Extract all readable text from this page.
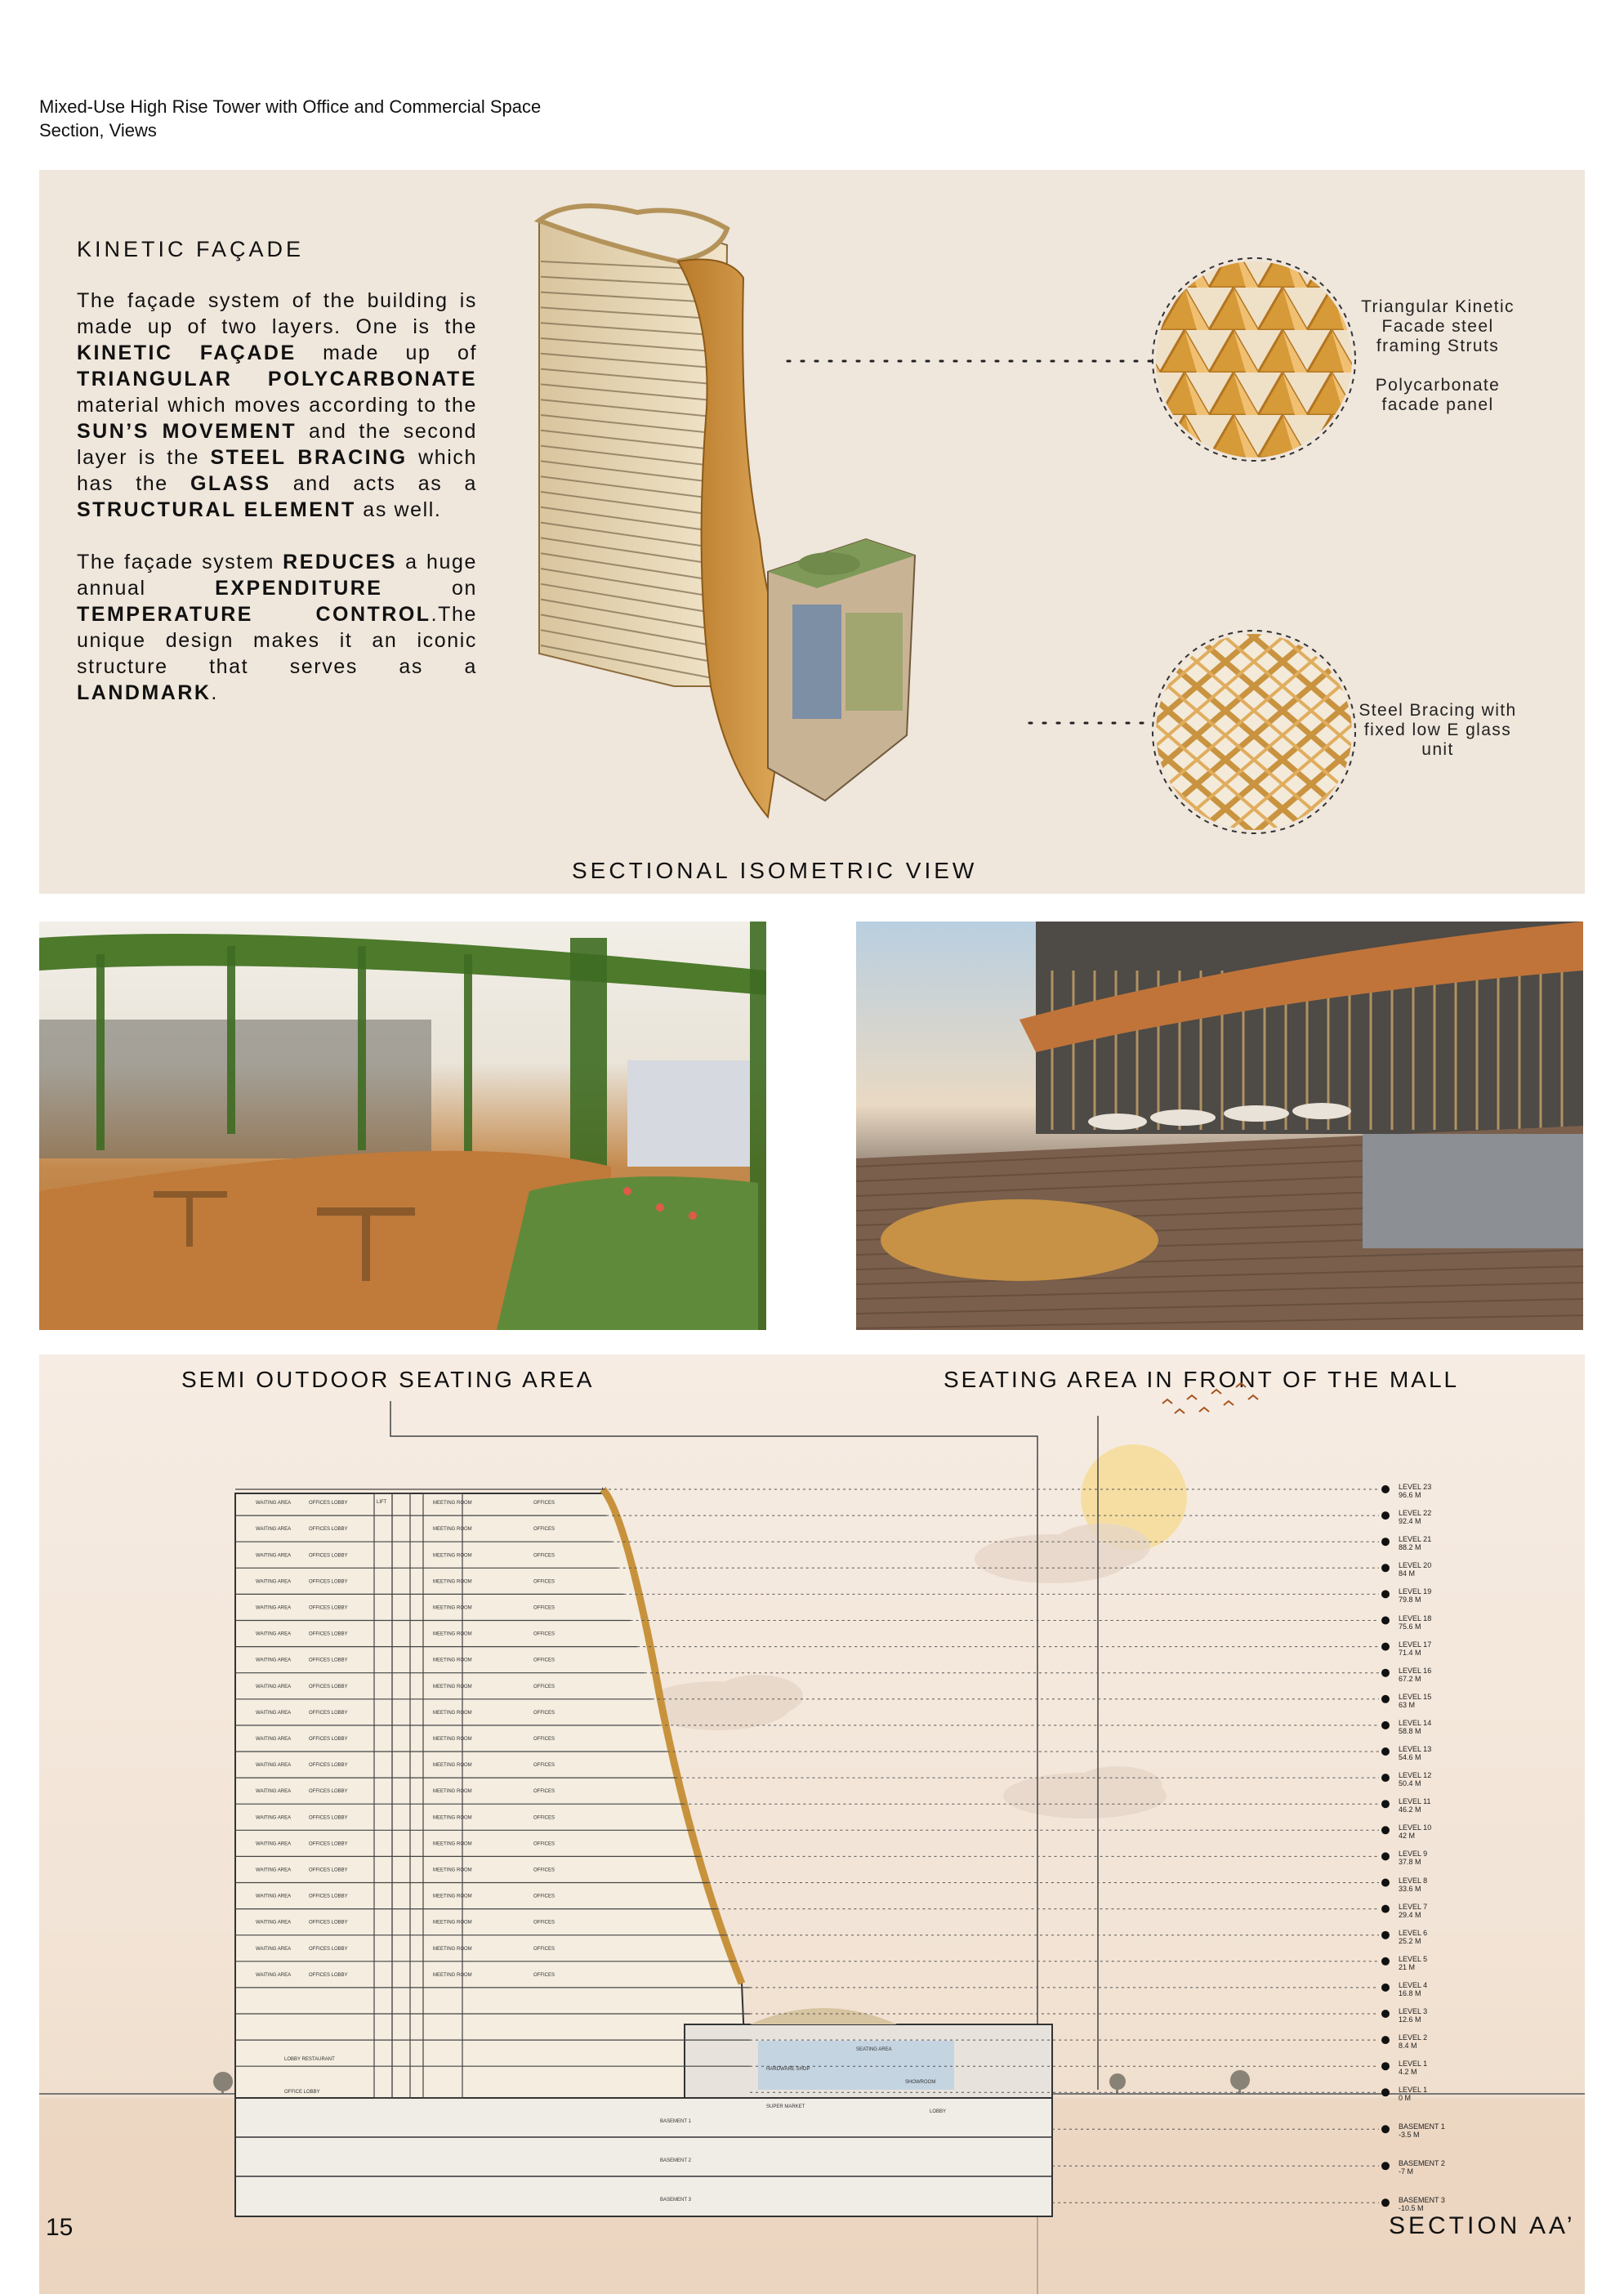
Mixed-Use High Rise Tower with Office and Commercial Space
Section, Views
KINETIC FAÇADE

The façade system of the building is made up of two layers. One is the KINETIC FAÇADE made up of TRIANGULAR POLYCARBONATE material which moves according to the SUN’S MOVEMENT and the second layer is the STEEL BRACING which has the GLASS and acts as a STRUCTURAL ELEMENT as well.

The façade system REDUCES a huge annual EXPENDITURE on TEMPERATURE CONTROL.The unique design makes it an iconic structure that serves as a LANDMARK.

Triangular Kinetic
Facade steel
framing Struts
Polycarbonate
facade panel
Steel Bracing with
fixed low E glass
unit
SECTIONAL ISOMETRIC VIEW
SEMI OUTDOOR SEATING AREA	SEATING AREA IN FRONT OF THE MALL
WAITING AREA	OFFICES LOBBY	MEETING ROOM	OFFICES
WAITING AREA	OFFICES LOBBY	MEETING ROOM	OFFICES
WAITING AREA	OFFICES LOBBY	MEETING ROOM	OFFICES
WAITING AREA	OFFICES LOBBY	MEETING ROOM	OFFICES
WAITING AREA	OFFICES LOBBY	MEETING ROOM	OFFICES
WAITING AREA	OFFICES LOBBY	MEETING ROOM	OFFICES
WAITING AREA	OFFICES LOBBY	MEETING ROOM	OFFICES
WAITING AREA	OFFICES LOBBY	MEETING ROOM	OFFICES
WAITING AREA	OFFICES LOBBY	MEETING ROOM	OFFICES
WAITING AREA	OFFICES LOBBY	MEETING ROOM	OFFICES
WAITING AREA	OFFICES LOBBY	MEETING ROOM	OFFICES
WAITING AREA	OFFICES LOBBY	MEETING ROOM	OFFICES
WAITING AREA	OFFICES LOBBY	MEETING ROOM	OFFICES
WAITING AREA	OFFICES LOBBY	MEETING ROOM	OFFICES
WAITING AREA	OFFICES LOBBY	MEETING ROOM	OFFICES
WAITING AREA	OFFICES LOBBY	MEETING ROOM	OFFICES
WAITING AREA	OFFICES LOBBY	MEETING ROOM	OFFICES
WAITING AREA	OFFICES LOBBY	MEETING ROOM	OFFICES
WAITING AREA	OFFICES LOBBY	MEETING ROOM	OFFICES
BASEMENT 1
BASEMENT 2
BASEMENT 3
SEATING AREA
SHOWROOM
LOBBY
HARDWARE SHOP
SUPER MARKET
LOBBY RESTAURANT
OFFICE LOBBY
LIFT
LEVEL 23
96.6 M
LEVEL 22
92.4 M
LEVEL 21
88.2 M
LEVEL 20
84 M
LEVEL 19
79.8 M
LEVEL 18
75.6 M
LEVEL 17
71.4 M
LEVEL 16
67.2 M
LEVEL 15
63 M
LEVEL 14
58.8 M
LEVEL 13
54.6 M
LEVEL 12
50.4 M
LEVEL 11
46.2 M
LEVEL 10
42 M
LEVEL 9
37.8 M
LEVEL 8
33.6 M
LEVEL 7
29.4 M
LEVEL 6
25.2 M
LEVEL 5
21 M
LEVEL 4
16.8 M
LEVEL 3
12.6 M
LEVEL 2
8.4 M
LEVEL 1
4.2 M
LEVEL 1
0 M
BASEMENT 1
-3.5 M
BASEMENT 2
-7 M
BASEMENT 3
-10.5 M
15	SECTION AA’
